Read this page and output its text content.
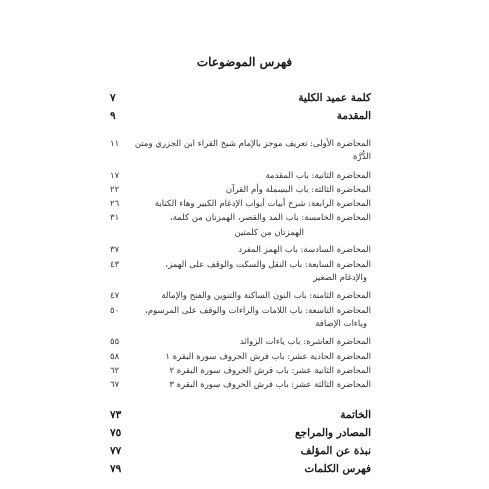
فهرس الموضوعات
كلمة عميد الكلية
٧
المقدمة
٩
المحاضرة الأولى: تعريف موجز بالإمام شيخ القراء ابن الجزري ومتن الدُّرَّة
١١
المحاضرة الثانية: باب المقدمة
١٧
المحاضرة الثالثة: باب البسملة وأم القرآن
٢٢
المحاضرة الرابعة: شرح أبيات أبواب الإدغام الكبير وهاء الكناية
٢٦
المحاضرة الخامسة: باب المد والقصر، الهمزتان من كلمة،
٣١
الهمزتان من كلمتين
المحاضرة السادسة: باب الهمز المفرد
٣٧
المحاضرة السابعة: باب النقل والسكت والوقف على الهمز،
٤٣
والإدغام الصغير
المحاضرة الثامنة: باب النون الساكنة والتنوين والفتح والإمالة
٤٧
المحاضرة التاسعة: باب اللامات والراءات والوقف على المرسوم،
٥٠
وياءات الإضافة
المحاضرة العاشرة: باب ياءات الزوائد
٥٥
المحاضرة الحادية عشر: باب فرش الحروف سورة البقرة ١
٥٨
المحاضرة الثانية عشر: باب فرش الحروف سورة البقرة ٢
٦٢
المحاضرة الثالثة عشر: باب فرش الحروف سورة البقرة ٣
٦٧
الخاتمة
٧٣
المصادر والمراجع
٧٥
نبذة عن المؤلف
٧٧
فهرس الكلمات
٧٩
